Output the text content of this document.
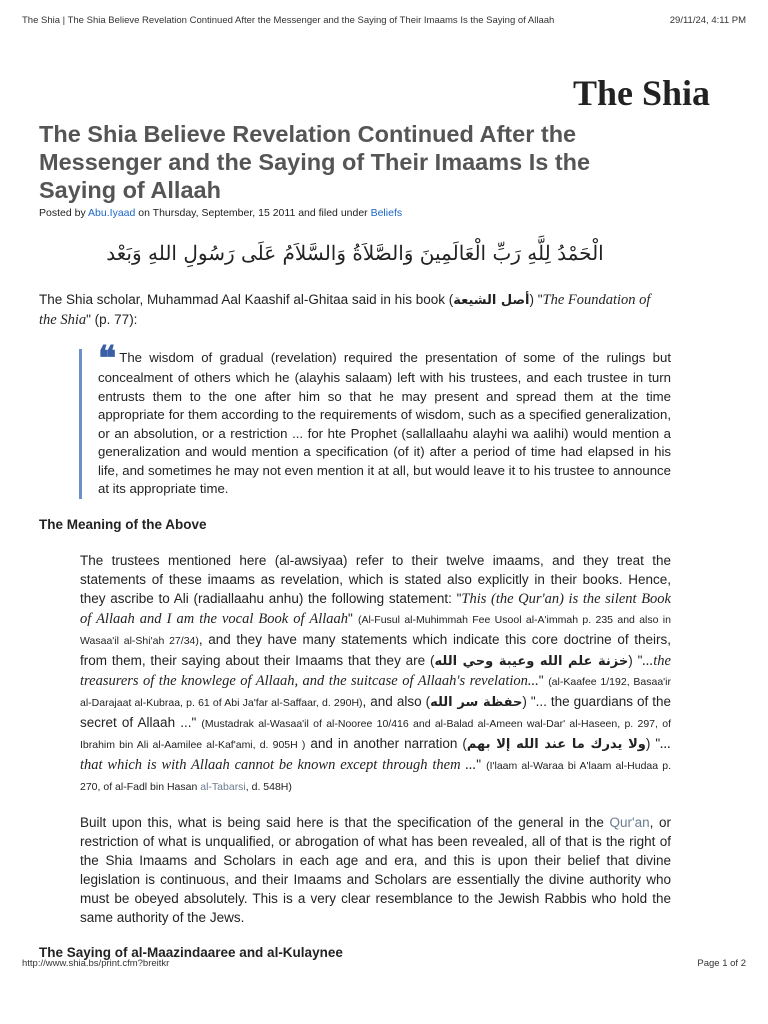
The Shia | The Shia Believe Revelation Continued After the Messenger and the Saying of Their Imaams Is the Saying of Allaah	29/11/24, 4:11 PM
The Shia
The Shia Believe Revelation Continued After the Messenger and the Saying of Their Imaams Is the Saying of Allaah
Posted by Abu.Iyaad on Thursday, September, 15 2011 and filed under Beliefs
الْحَمْدُ لِلَّهِ رَبِّ الْعَالَمِينَ وَالصَّلاَةُ وَالسَّلاَمُ عَلَى رَسُولِ اللهِ وَبَعْد

The Shia scholar, Muhammad Aal Kaashif al-Ghitaa said in his book (أصل الشيعة) "The Foundation of the Shia" (p. 77):

❝ The wisdom of gradual (revelation) required the presentation of some of the rulings but concealment of others which he (alayhis salaam) left with his trustees, and each trustee in turn entrusts them to the one after him so that he may present and spread them at the time appropriate for them according to the requirements of wisdom, such as a specified generalization, or an absolution, or a restriction ... for hte Prophet (sallallaahu alayhi wa aalihi) would mention a generalization and would mention a specification (of it) after a period of time had elapsed in his life, and sometimes he may not even mention it at all, but would leave it to his trustee to announce at its appropriate time.
The Meaning of the Above

The trustees mentioned here (al-awsiyaa) refer to their twelve imaams, and they treat the statements of these imaams as revelation, which is stated also explicitly in their books. Hence, they ascribe to Ali (radiallaahu anhu) the following statement: "This (the Qur'an) is the silent Book of Allaah and I am the vocal Book of Allaah" (Al-Fusul al-Muhimmah Fee Usool al-A'immah p. 235 and also in Wasaa'il al-Shi'ah 27/34), and they have many statements which indicate this core doctrine of theirs, from them, their saying about their Imaams that they are (خزنة علم الله وعيبة وحي الله) "...the treasurers of the knowlege of Allaah, and the suitcase of Allaah's revelation..." (al-Kaafee 1/192, Basaa'ir al-Darajaat al-Kubraa, p. 61 of Abi Ja'far al-Saffaar, d. 290H), and also (حفظة سر الله) "... the guardians of the secret of Allaah ..." (Mustadrak al-Wasaa'il of al-Nooree 10/416 and al-Balad al-Ameen wal-Dar' al-Haseen, p. 297, of Ibrahim bin Ali al-Aamilee al-Kaf'ami, d. 905H ) and in another narration (ولا يدرك ما عند الله إلا بهم) "... that which is with Allaah cannot be known except through them ..." (I'laam al-Waraa bi A'laam al-Hudaa p. 270, of al-Fadl bin Hasan al-Tabarsi, d. 548H)

Built upon this, what is being said here is that the specification of the general in the Qur'an, or restriction of what is unqualified, or abrogation of what has been revealed, all of that is the right of the Shia Imaams and Scholars in each age and era, and this is upon their belief that divine legislation is continuous, and their Imaams and Scholars are essentially the divine authority who must be obeyed absolutely. This is a very clear resemblance to the Jewish Rabbis who hold the same authority of the Jews.

The Saying of al-Maazindaaree and al-Kulaynee
http://www.shia.bs/print.cfm?breitkr	Page 1 of 2
